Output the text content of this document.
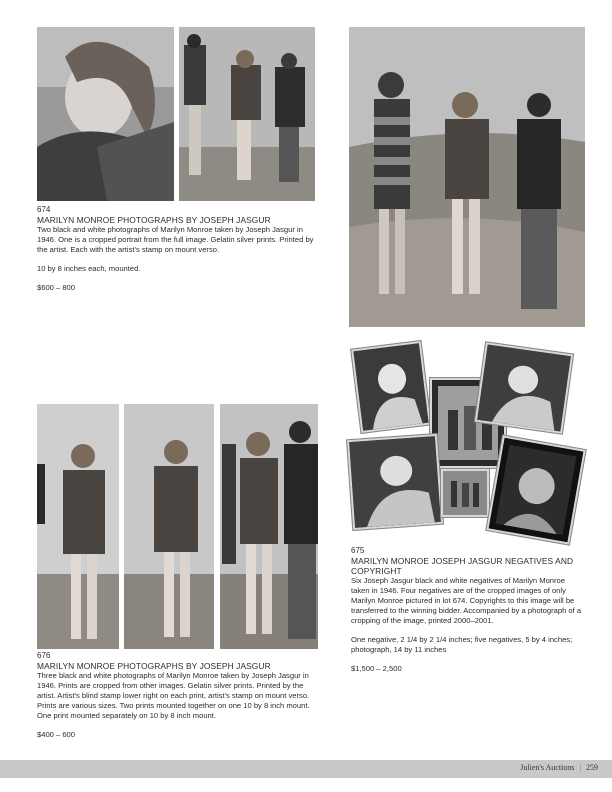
674
MARILYN MONROE PHOTOGRAPHS BY JOSEPH JASGUR
Two black and white photographs of Marilyn Monroe taken by Joseph Jasgur in 1946. One is a cropped portrait from the full image. Gelatin silver prints. Printed by the artist. Each with the artist's stamp on mount verso.
10 by 8 inches each, mounted.
$600 – 800
675
MARILYN MONROE JOSEPH JASGUR NEGATIVES AND COPYRIGHT
Six Joseph Jasgur black and white negatives of Marilyn Monroe taken in 1946. Four negatives are of the cropped images of only Marilyn Monroe pictured in lot 674. Copyrights to this image will be transferred to the winning bidder. Accompanied by a photograph of a cropping of the image, printed 2000–2001.
One negative, 2 1/4 by 2 1/4 inches; five negatives, 5 by 4 inches; photograph, 14 by 11 inches
$1,500 – 2,500
676
MARILYN MONROE PHOTOGRAPHS BY JOSEPH JASGUR
Three black and white photographs of Marilyn Monroe taken by Joseph Jasgur in 1946. Prints are cropped from other images. Gelatin silver prints. Printed by the artist. Artist's blind stamp lower right on each print, artist's stamp on mount verso. Prints are various sizes. Two prints mounted together on one 10 by 8 inch mount. One print mounted separately on 10 by 8 inch mount.
$400 – 600
Julien's Auctions | 259
